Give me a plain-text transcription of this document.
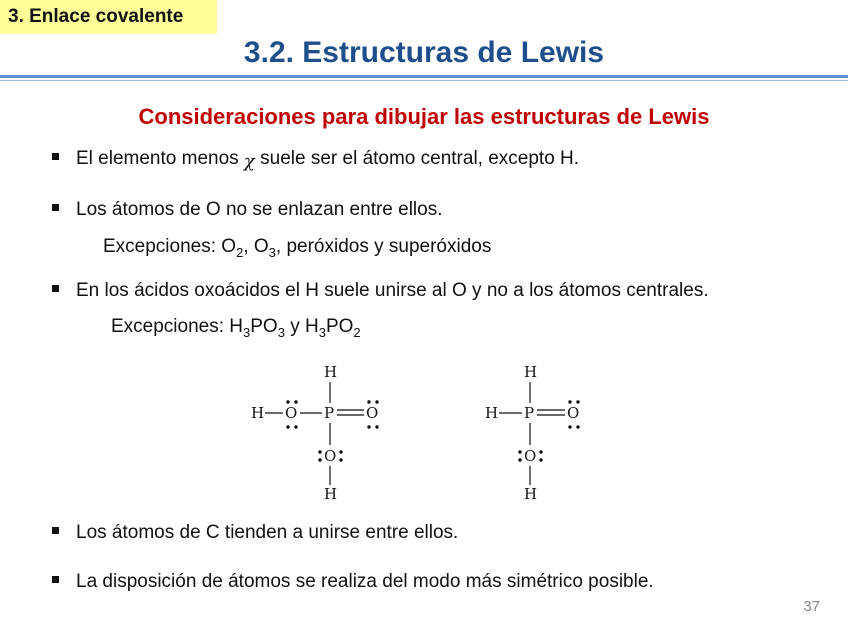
3. Enlace covalente
3.2. Estructuras de Lewis
Consideraciones para dibujar las estructuras de Lewis
El elemento menos χ suele ser el átomo central, excepto H.
Los átomos de O no se enlazan entre ellos.
Excepciones: $O_2$, $O_3$, peróxidos y superóxidos
En los ácidos oxoácidos el H suele unirse al O y no a los átomos centrales.
Excepciones: $H_3PO_3$ y $H_3PO_2$
H
H O P O
O
H
H
H P O
O
H
Los átomos de C tienden a unirse entre ellos.
La disposición de átomos se realiza del modo más simétrico posible.
37
